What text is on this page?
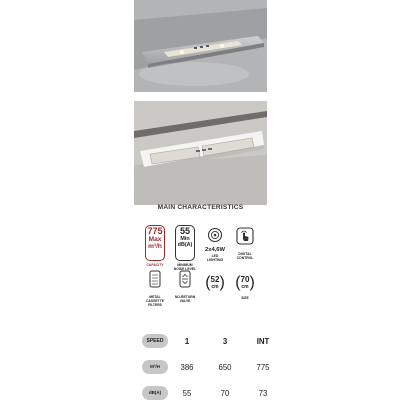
MAIN CHARACTERISTICS
775
Max
m³/h
CAPACITY
55
Min
dB(A)
MINIMUM NOISE LEVEL
2x4,6W
LED
LIGHTING
DIGITAL CONTROL
METAL CASSETTE FILTERS
NO-RETURN VALVE
( 52
cm ) ( 70
cm )
SIZE
SPEED	1	3	INT
M³/H	386	650	775
dB(A)	55	70	73
